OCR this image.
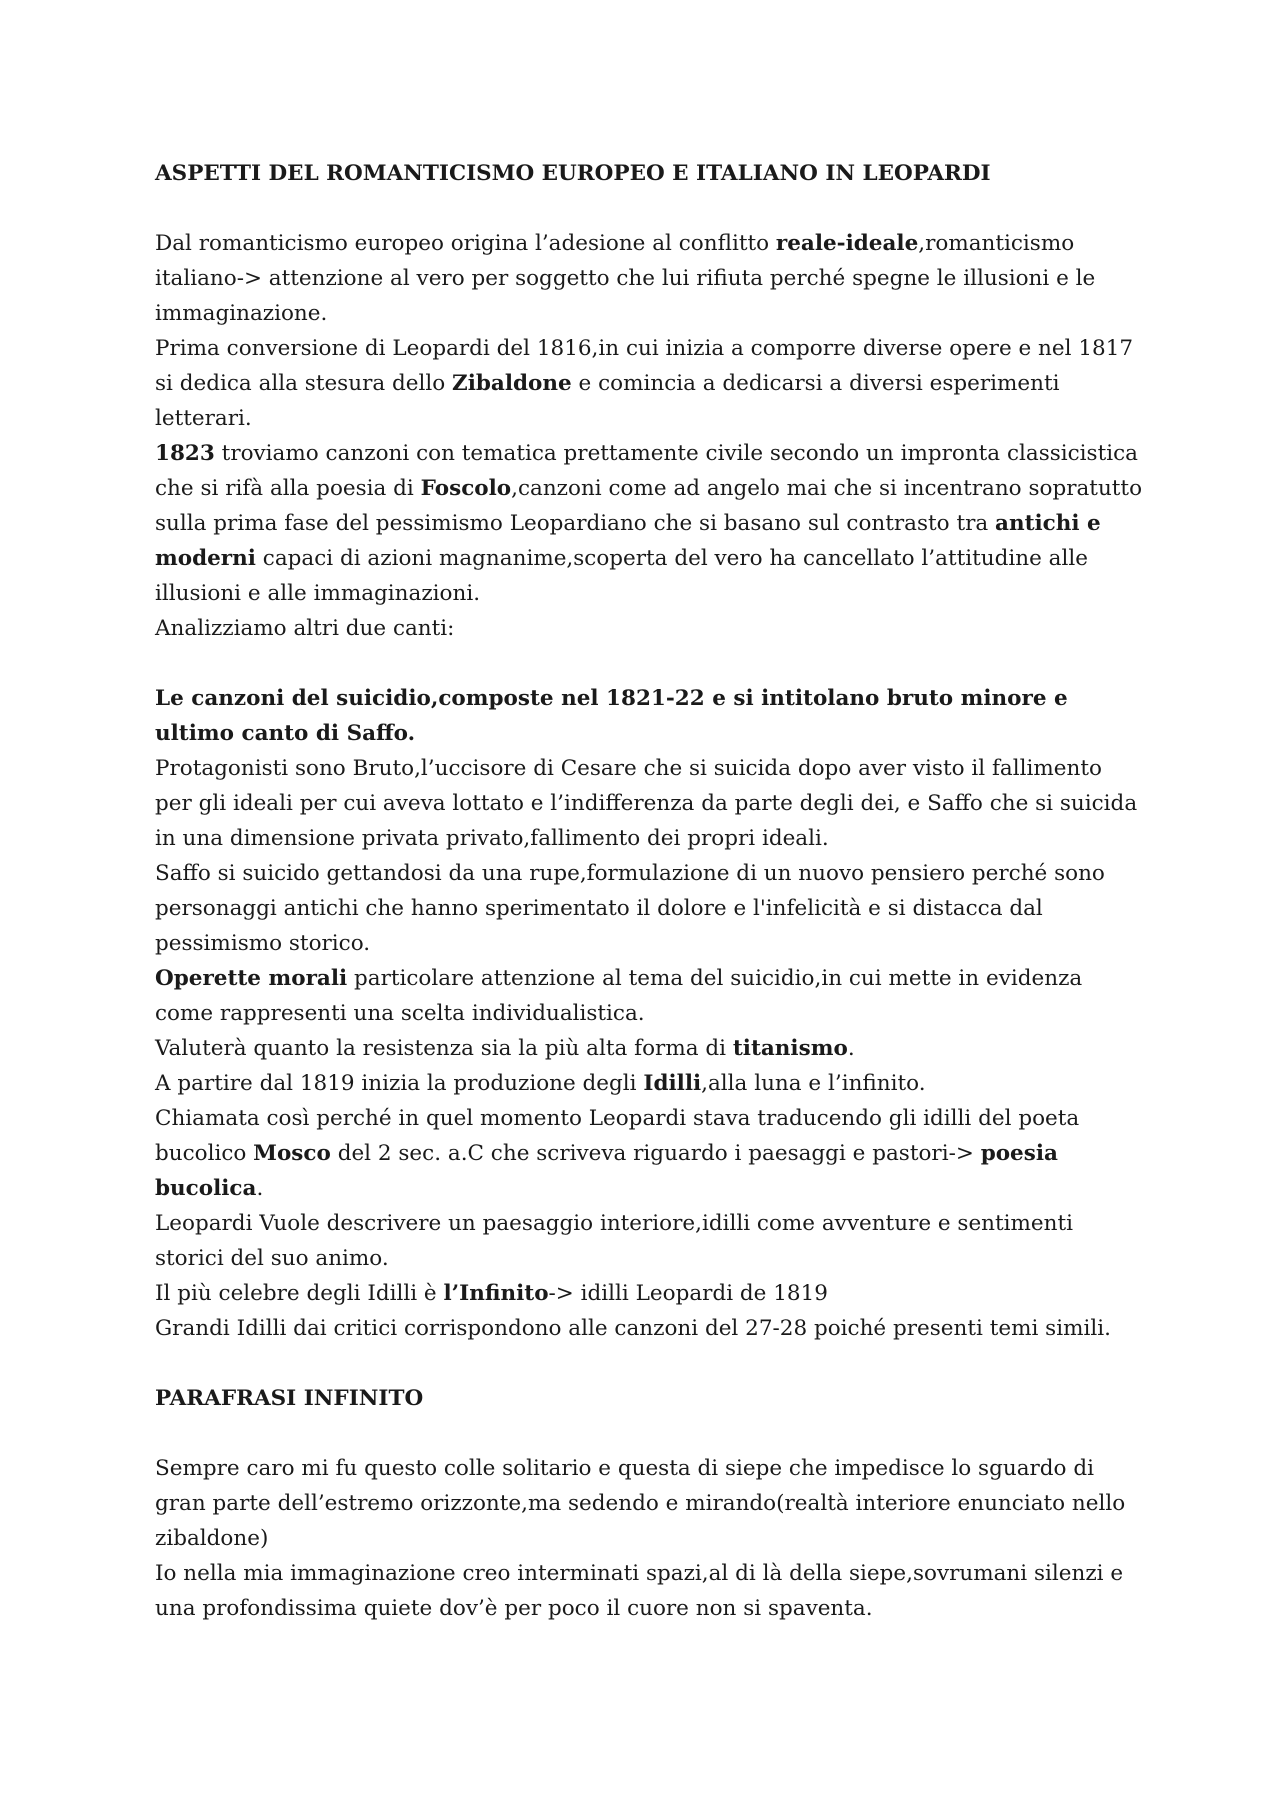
ASPETTI DEL ROMANTICISMO EUROPEO E ITALIANO IN LEOPARDI

Dal romanticismo europeo origina l’adesione al conflitto reale-ideale,romanticismo italiano-> attenzione al vero per soggetto che lui rifiuta perché spegne le illusioni e le immaginazione.

Prima conversione di Leopardi del 1816,in cui inizia a comporre diverse opere e nel 1817 si dedica alla stesura dello Zibaldone e comincia a dedicarsi a diversi esperimenti letterari.

1823 troviamo canzoni con tematica prettamente civile secondo un impronta classicistica che si rifà alla poesia di Foscolo,canzoni come ad angelo mai che si incentrano sopratutto sulla prima fase del pessimismo Leopardiano che si basano sul contrasto tra antichi e moderni capaci di azioni magnanime,scoperta del vero ha cancellato l’attitudine alle illusioni e alle immaginazioni.

Analizziamo altri due canti:

Le canzoni del suicidio,composte nel 1821-22 e si intitolano bruto minore e ultimo canto di Saffo.

Protagonisti sono Bruto,l’uccisore di Cesare che si suicida dopo aver visto il fallimento per gli ideali per cui aveva lottato e l’indifferenza da parte degli dei, e Saffo che si suicida in una dimensione privata privato,fallimento dei propri ideali.

Saffo si suicido gettandosi da una rupe,formulazione di un nuovo pensiero perché sono personaggi antichi che hanno sperimentato il dolore e l'infelicità e si distacca dal pessimismo storico.

Operette morali particolare attenzione al tema del suicidio,in cui mette in evidenza come rappresenti una scelta individualistica.

Valuterà quanto la resistenza sia la più alta forma di titanismo.

A partire dal 1819 inizia la produzione degli Idilli,alla luna e l’infinito.

Chiamata così perché in quel momento Leopardi stava traducendo gli idilli del poeta bucolico Mosco del 2 sec. a.C che scriveva riguardo i paesaggi e pastori-> poesia bucolica.

Leopardi Vuole descrivere un paesaggio interiore,idilli come avventure e sentimenti storici del suo animo.

Il più celebre degli Idilli è l’Infinito-> idilli Leopardi de 1819

Grandi Idilli dai critici corrispondono alle canzoni del 27-28 poiché presenti temi simili.

PARAFRASI INFINITO

Sempre caro mi fu questo colle solitario e questa di siepe che impedisce lo sguardo di gran parte dell’estremo orizzonte,ma sedendo e mirando(realtà interiore enunciato nello zibaldone)

Io nella mia immaginazione creo interminati spazi,al di là della siepe,sovrumani silenzi e una profondissima quiete dov’è per poco il cuore non si spaventa.
